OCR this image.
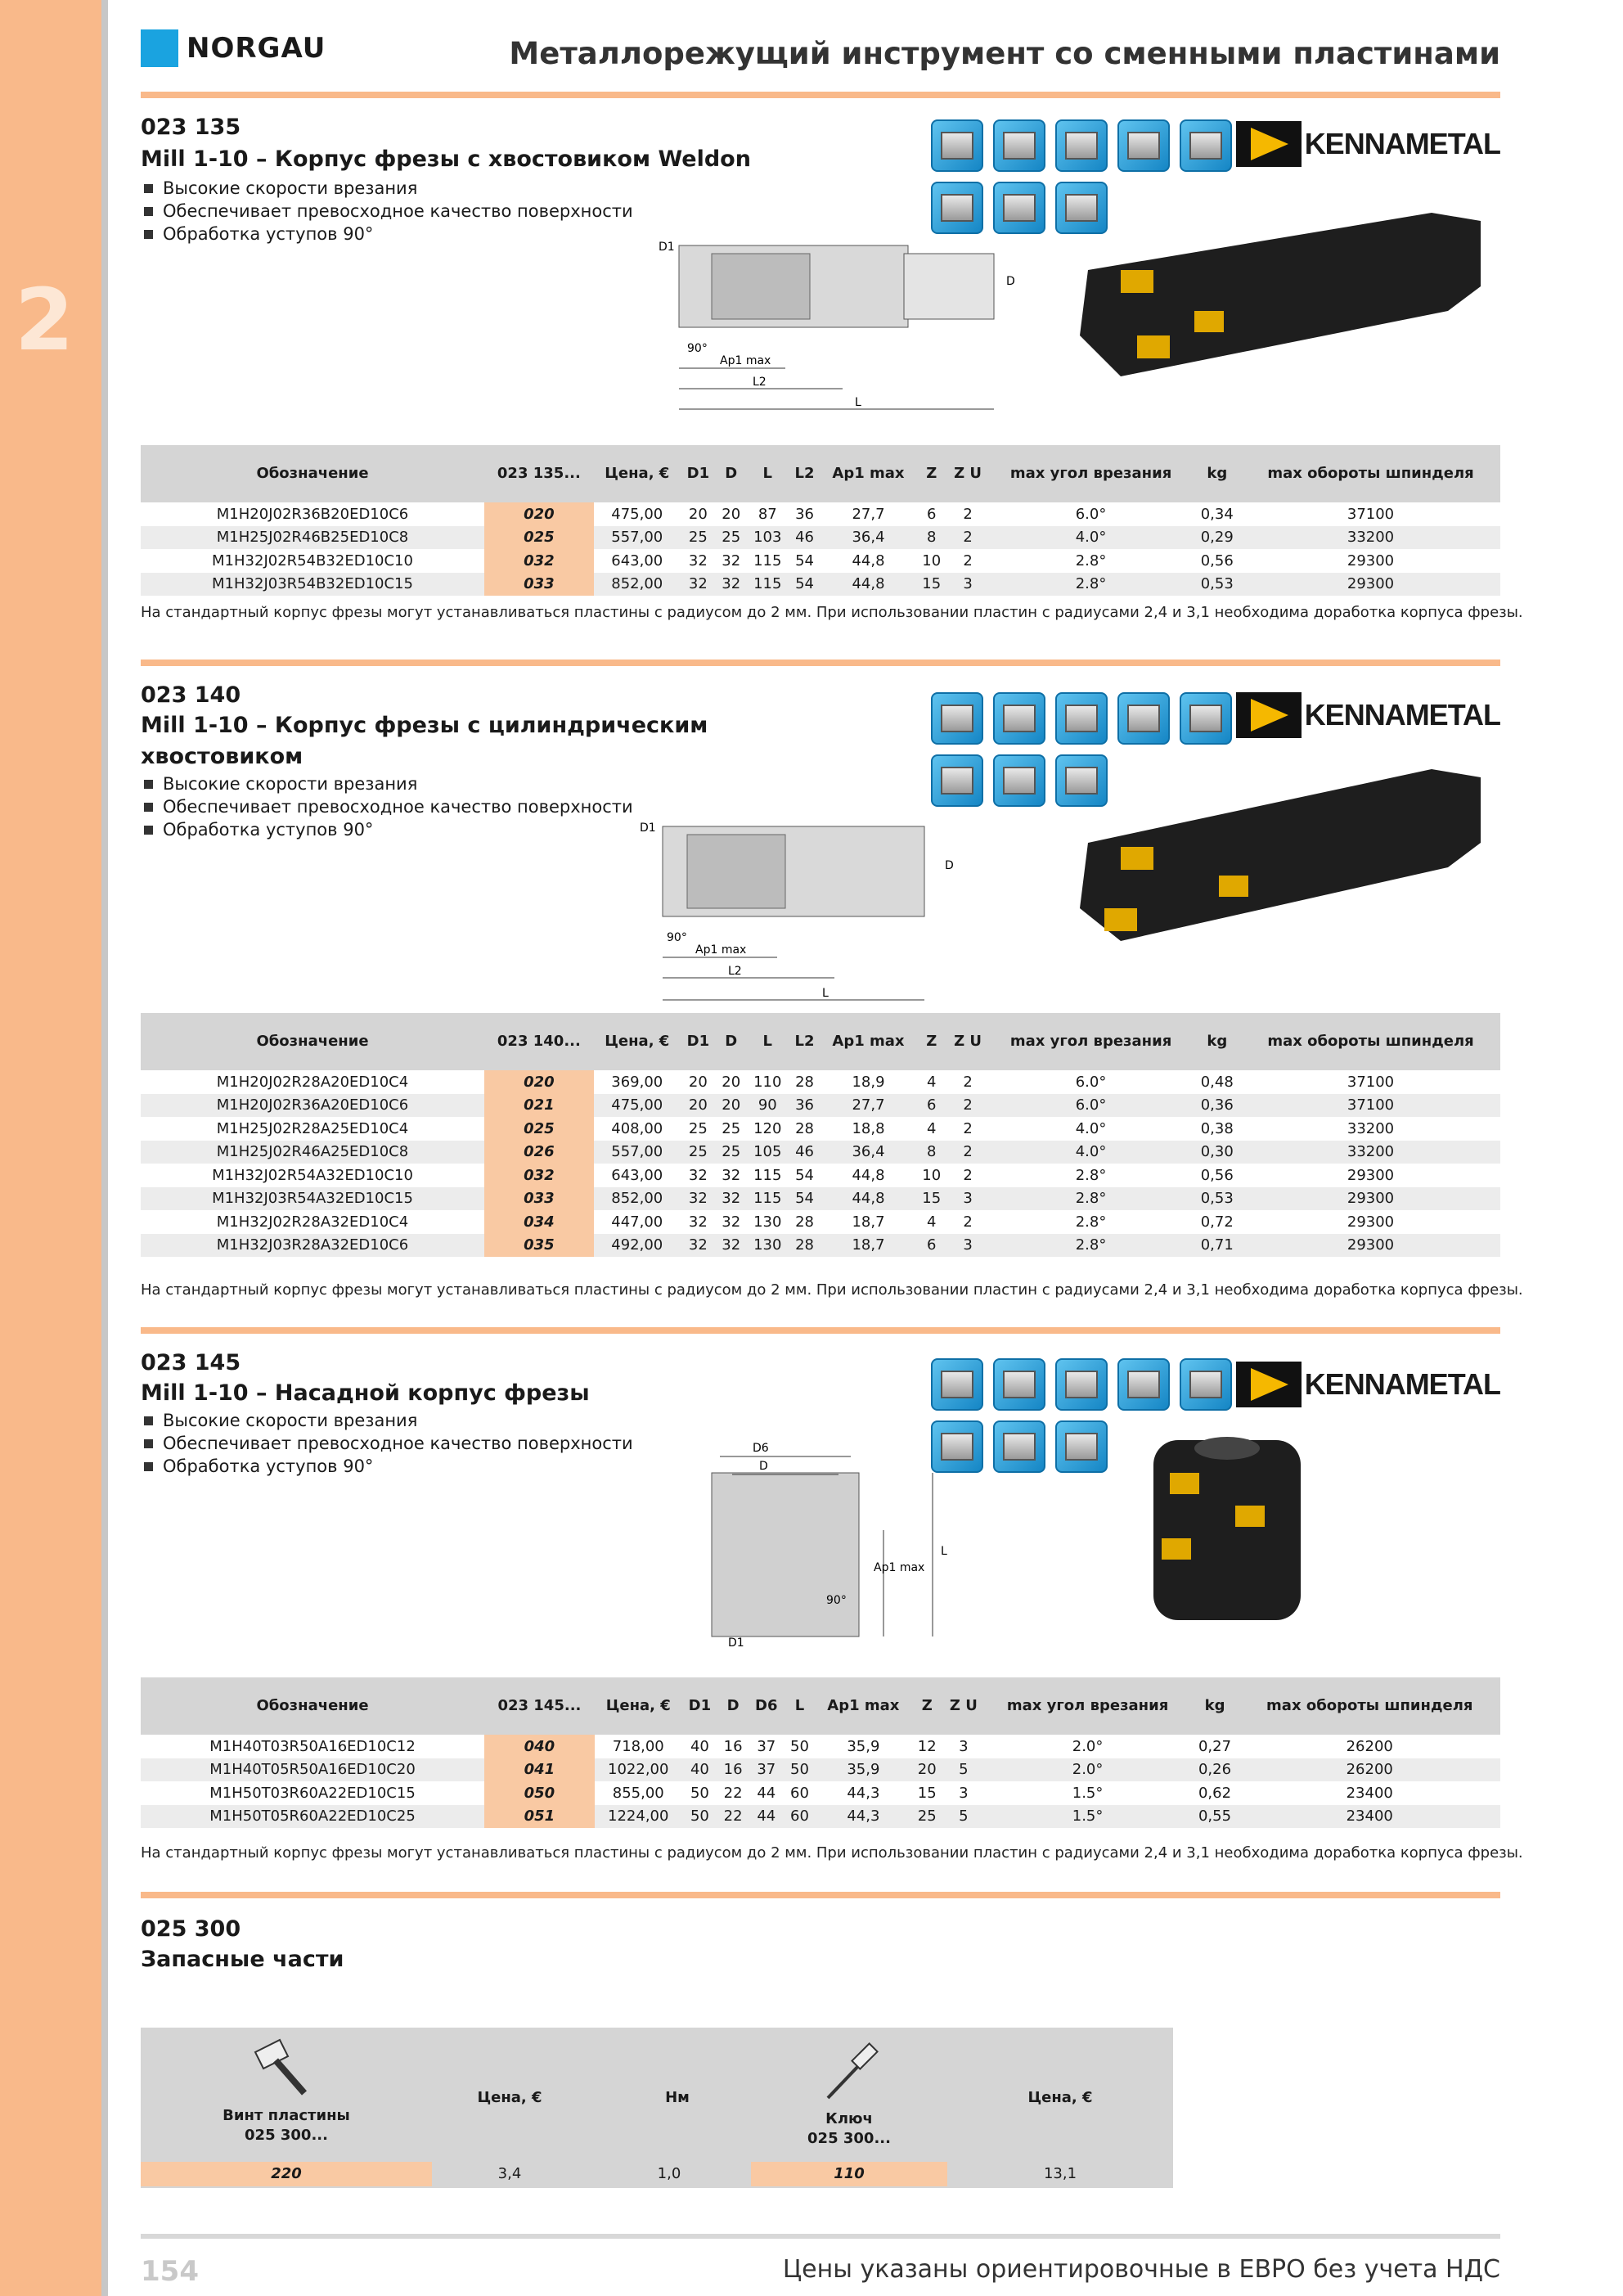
2
NORGAU	Металлорежущий инструмент со сменными пластинами
023 135
Mill 1-10 – Корпус фрезы с хвостовиком Weldon
Высокие скорости врезания
Обеспечивает превосходное качество поверхности
Обработка уступов 90°
KENNAMETAL
D1
D
90°
Ap1 max
L2
L
Обозначение	023 135...	Цена, €	D1	D	L	L2	Ap1 max	Z	Z U	max угол врезания	kg	max обороты шпинделя
M1H20J02R36B20ED10C6	020	475,00	20	20	87	36	27,7	6	2	6.0°	0,34	37100
M1H25J02R46B25ED10C8	025	557,00	25	25	103	46	36,4	8	2	4.0°	0,29	33200
M1H32J02R54B32ED10C10	032	643,00	32	32	115	54	44,8	10	2	2.8°	0,56	29300
M1H32J03R54B32ED10C15	033	852,00	32	32	115	54	44,8	15	3	2.8°	0,53	29300
На стандартный корпус фрезы могут устанавливаться пластины с радиусом до 2 мм. При использовании пластин с радиусами 2,4 и 3,1 необходима доработка корпуса фрезы.
023 140
Mill 1-10 – Корпус фрезы с цилиндрическим
хвостовиком
Высокие скорости врезания
Обеспечивает превосходное качество поверхности
Обработка уступов 90°
KENNAMETAL
D1
D
90°
Ap1 max
L2
L
Обозначение	023 140...	Цена, €	D1	D	L	L2	Ap1 max	Z	Z U	max угол врезания	kg	max обороты шпинделя
M1H20J02R28A20ED10C4	020	369,00	20	20	110	28	18,9	4	2	6.0°	0,48	37100
M1H20J02R36A20ED10C6	021	475,00	20	20	90	36	27,7	6	2	6.0°	0,36	37100
M1H25J02R28A25ED10C4	025	408,00	25	25	120	28	18,8	4	2	4.0°	0,38	33200
M1H25J02R46A25ED10C8	026	557,00	25	25	105	46	36,4	8	2	4.0°	0,30	33200
M1H32J02R54A32ED10C10	032	643,00	32	32	115	54	44,8	10	2	2.8°	0,56	29300
M1H32J03R54A32ED10C15	033	852,00	32	32	115	54	44,8	15	3	2.8°	0,53	29300
M1H32J02R28A32ED10C4	034	447,00	32	32	130	28	18,7	4	2	2.8°	0,72	29300
M1H32J03R28A32ED10C6	035	492,00	32	32	130	28	18,7	6	3	2.8°	0,71	29300
На стандартный корпус фрезы могут устанавливаться пластины с радиусом до 2 мм. При использовании пластин с радиусами 2,4 и 3,1 необходима доработка корпуса фрезы.
023 145
Mill 1-10 – Насадной корпус фрезы
Высокие скорости врезания
Обеспечивает превосходное качество поверхности
Обработка уступов 90°
KENNAMETAL
D6
D
L
Ap1 max
90°
D1
Обозначение	023 145...	Цена, €	D1	D	D6	L	Ap1 max	Z	Z U	max угол врезания	kg	max обороты шпинделя
M1H40T03R50A16ED10C12	040	718,00	40	16	37	50	35,9	12	3	2.0°	0,27	26200
M1H40T05R50A16ED10C20	041	1022,00	40	16	37	50	35,9	20	5	2.0°	0,26	26200
M1H50T03R60A22ED10C15	050	855,00	50	22	44	60	44,3	15	3	1.5°	0,62	23400
M1H50T05R60A22ED10C25	051	1224,00	50	22	44	60	44,3	25	5	1.5°	0,55	23400
На стандартный корпус фрезы могут устанавливаться пластины с радиусом до 2 мм. При использовании пластин с радиусами 2,4 и 3,1 необходима доработка корпуса фрезы.
025 300
Запасные части
Винт пластины
025 300...
Цена, €	Нм
Ключ
025 300...
Цена, €
220	3,4	1,0	110	13,1
154	Цены указаны ориентировочные в ЕВРО без учета НДС
